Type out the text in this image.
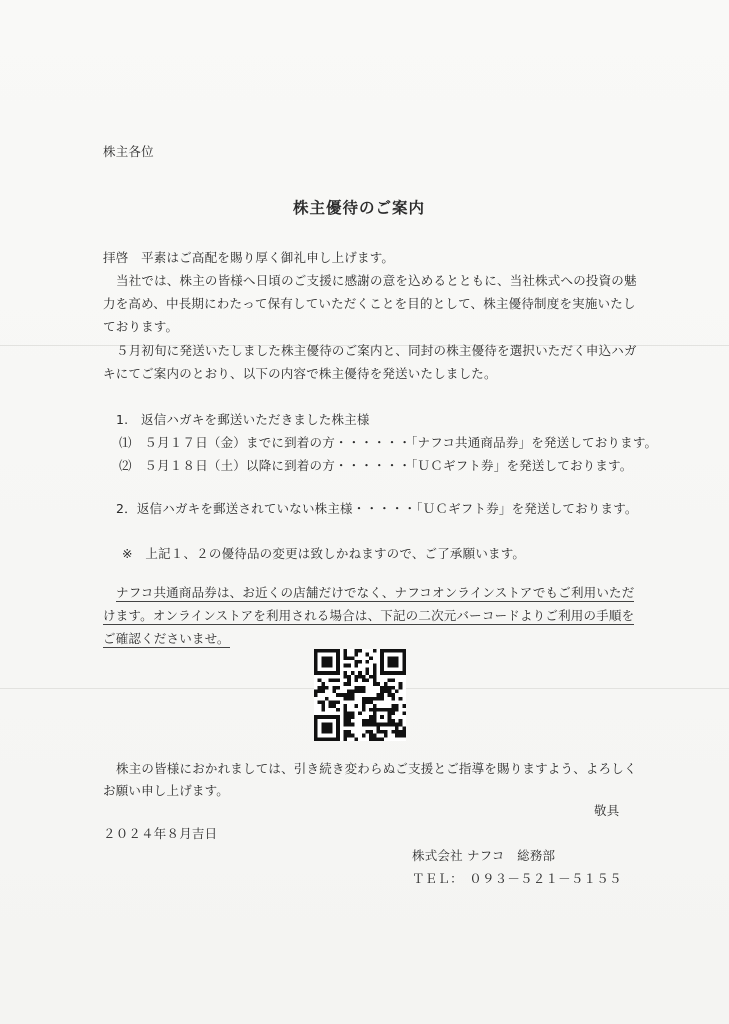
株主各位
株主優待のご案内
拝啓　平素はご高配を賜り厚く御礼申し上げます。
当社では、株主の皆様へ日頃のご支援に感謝の意を込めるとともに、当社株式への投資の魅
力を高め、中長期にわたって保有していただくことを目的として、株主優待制度を実施いたし
ております。
５月初旬に発送いたしました株主優待のご案内と、同封の株主優待を選択いただく申込ハガ
キにてご案内のとおり、以下の内容で株主優待を発送いたしました。
1.　返信ハガキを郵送いただきました株主様
⑴　５月１７日（金）までに到着の方・・・・・・「ナフコ共通商品券」を発送しております。
⑵　５月１８日（土）以降に到着の方・・・・・・「ＵＣギフト券」を発送しております。
2．返信ハガキを郵送されていない株主様・・・・・「ＵＣギフト券」を発送しております。
※　上記１、２の優待品の変更は致しかねますので、ご了承願います。
ナフコ共通商品券は、お近くの店舗だけでなく、ナフコオンラインストアでもご利用いただ
けます。オンラインストアを利用される場合は、下記の二次元バーコードよりご利用の手順を
ご確認くださいませ。
株主の皆様におかれましては、引き続き変わらぬご支援とご指導を賜りますよう、よろしく
お願い申し上げます。
敬具
２０２４年８月吉日
株式会社 ナフコ　総務部
ＴＥＬ：　０９３－５２１－５１５５
